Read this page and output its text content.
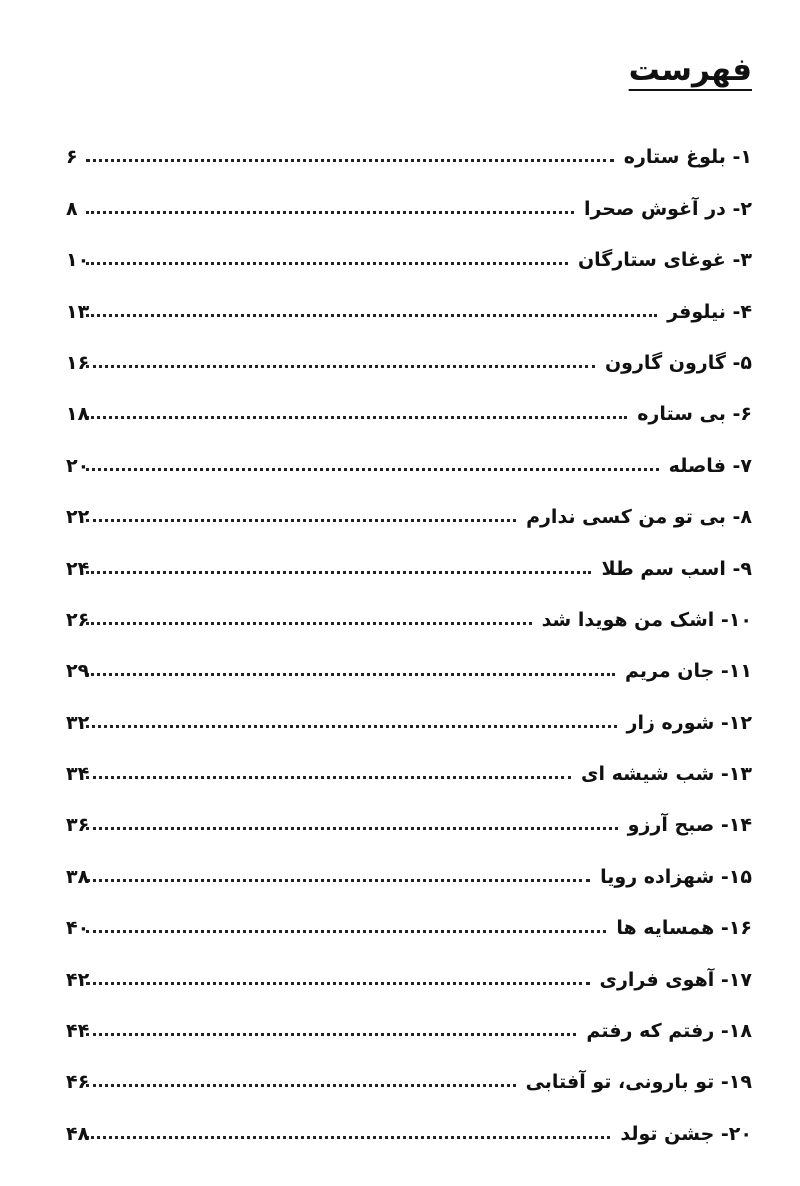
فهرست
۶	۱- بلوغ ستاره
۸	۲- در آغوش صحرا
۱۰	۳- غوغای ستارگان
۱۳	۴- نیلوفر
۱۶	۵- گارون گارون
۱۸	۶- بی ستاره
۲۰	۷- فاصله
۲۲	۸- بی تو من کسی ندارم
۲۴	۹- اسب سم طلا
۲۶	۱۰- اشک من هویدا شد
۲۹	۱۱- جان مریم
۳۲	۱۲- شوره زار
۳۴	۱۳- شب شیشه ای
۳۶	۱۴- صبح آرزو
۳۸	۱۵- شهزاده رویا
۴۰	۱۶- همسایه ها
۴۲	۱۷- آهوی فراری
۴۴	۱۸- رفتم که رفتم
۴۶	۱۹- تو بارونی، تو آفتابی
۴۸	۲۰- جشن تولد
